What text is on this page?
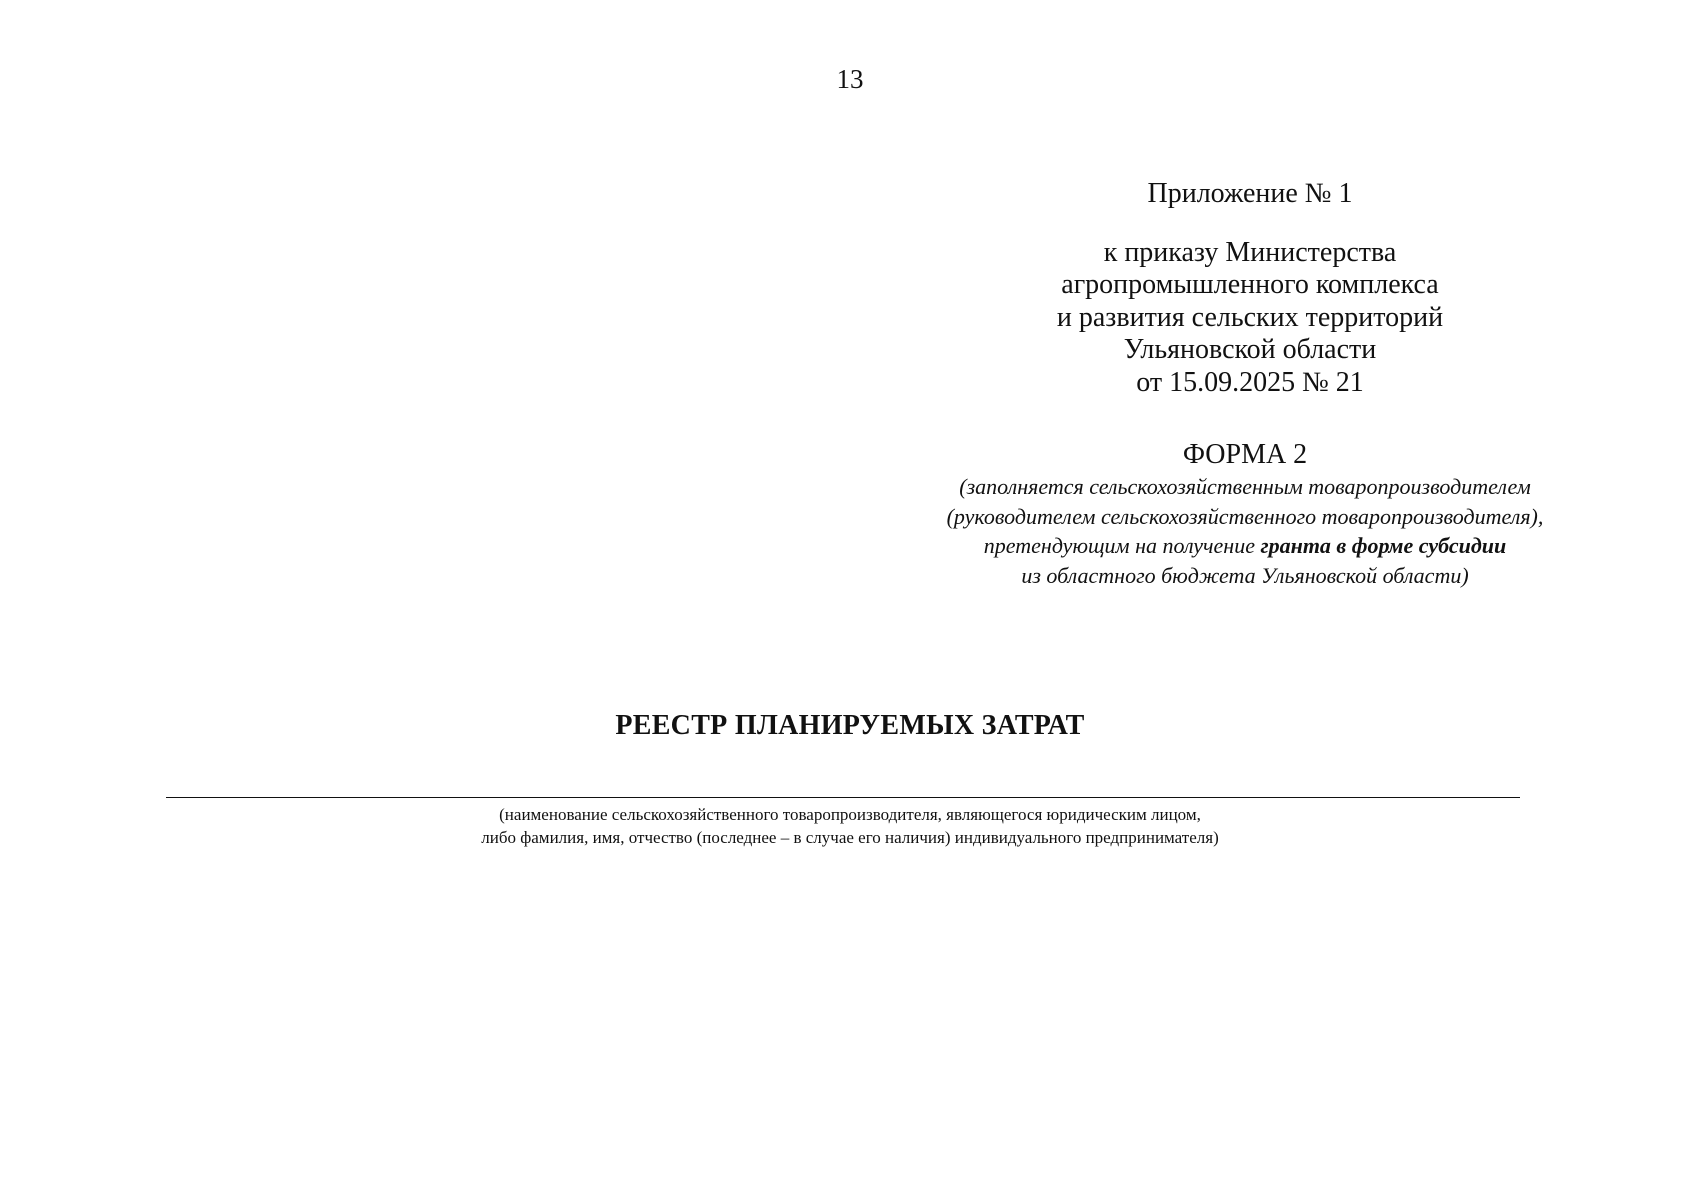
13
Приложение № 1
к приказу Министерства
агропромышленного комплекса
и развития сельских территорий
Ульяновской области
от 15.09.2025 № 21
ФОРМА 2
(заполняется сельскохозяйственным товаропроизводителем
(руководителем сельскохозяйственного товаропроизводителя),
претендующим на получение гранта в форме субсидии
из областного бюджета Ульяновской области)
РЕЕСТР ПЛАНИРУЕМЫХ ЗАТРАТ
(наименование сельскохозяйственного товаропроизводителя, являющегося юридическим лицом,
либо фамилия, имя, отчество (последнее – в случае его наличия) индивидуального предпринимателя)
